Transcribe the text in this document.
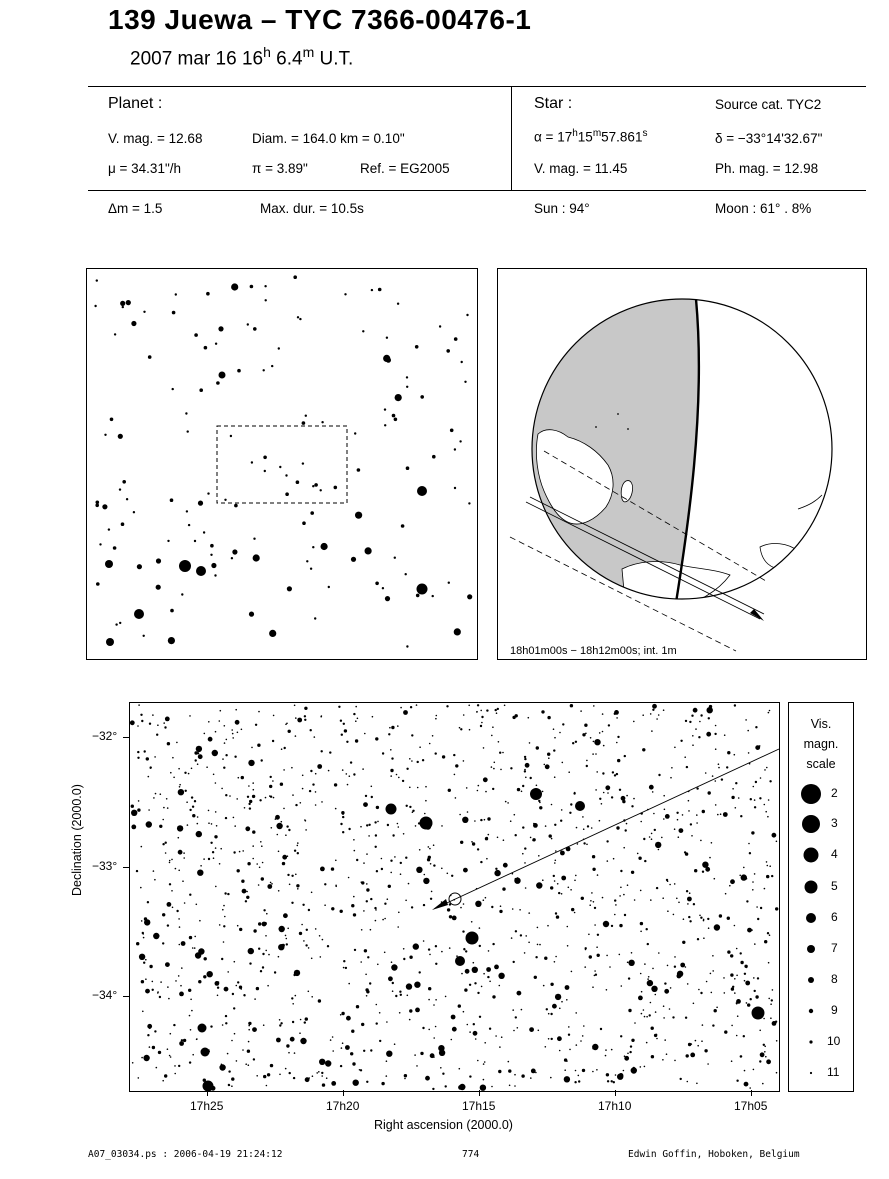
139 Juewa – TYC 7366-00476-1
2007 mar 16 16$^h$ 6.4$^m$ U.T.
Planet :
V. mag. = 12.68	Diam. = 164.0 km = 0.10"
μ = 34.31"/h	π = 3.89"	Ref. = EG2005
Δm = 1.5	Max. dur. = 10.5s
Star :	Source cat. TYC2
$\alpha = 17^h15^m57.861^s$	δ = −33°14'32.67"
V. mag. = 11.45	Ph. mag. = 12.98
Sun : 94°	Moon : 61° . 8%
18h01m00s − 18h12m00s; int. 1m
−32°
−33°
−34°
Declination (2000.0)
17h25	17h20	17h15	17h10	17h05
Right ascension (2000.0)
Vis.
magn.
scale
2
3
4
5
6
7
8
9
10
11
A07_03034.ps : 2006-04-19 21:24:12	774	Edwin Goffin, Hoboken, Belgium
